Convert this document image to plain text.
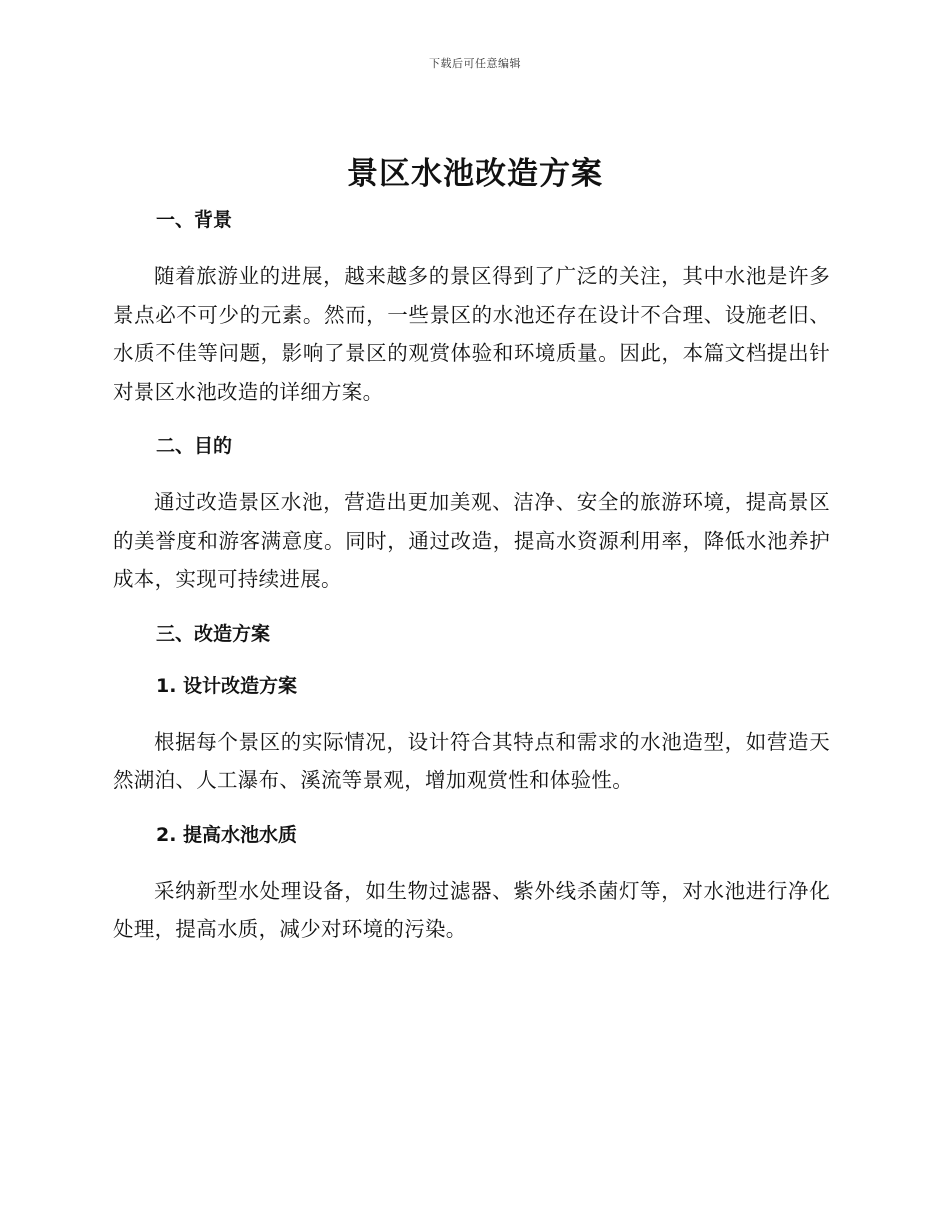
下载后可任意编辑
景区水池改造方案
一、背景

随着旅游业的进展，越来越多的景区得到了广泛的关注，其中水池是许多景点必不可少的元素。然而，一些景区的水池还存在设计不合理、设施老旧、水质不佳等问题，影响了景区的观赏体验和环境质量。因此，本篇文档提出针对景区水池改造的详细方案。

二、目的

通过改造景区水池，营造出更加美观、洁净、安全的旅游环境，提高景区的美誉度和游客满意度。同时，通过改造，提高水资源利用率，降低水池养护成本，实现可持续进展。

三、改造方案
1. 设计改造方案

根据每个景区的实际情况，设计符合其特点和需求的水池造型，如营造天然湖泊、人工瀑布、溪流等景观，增加观赏性和体验性。

2. 提高水池水质

采纳新型水处理设备，如生物过滤器、紫外线杀菌灯等，对水池进行净化处理，提高水质，减少对环境的污染。
